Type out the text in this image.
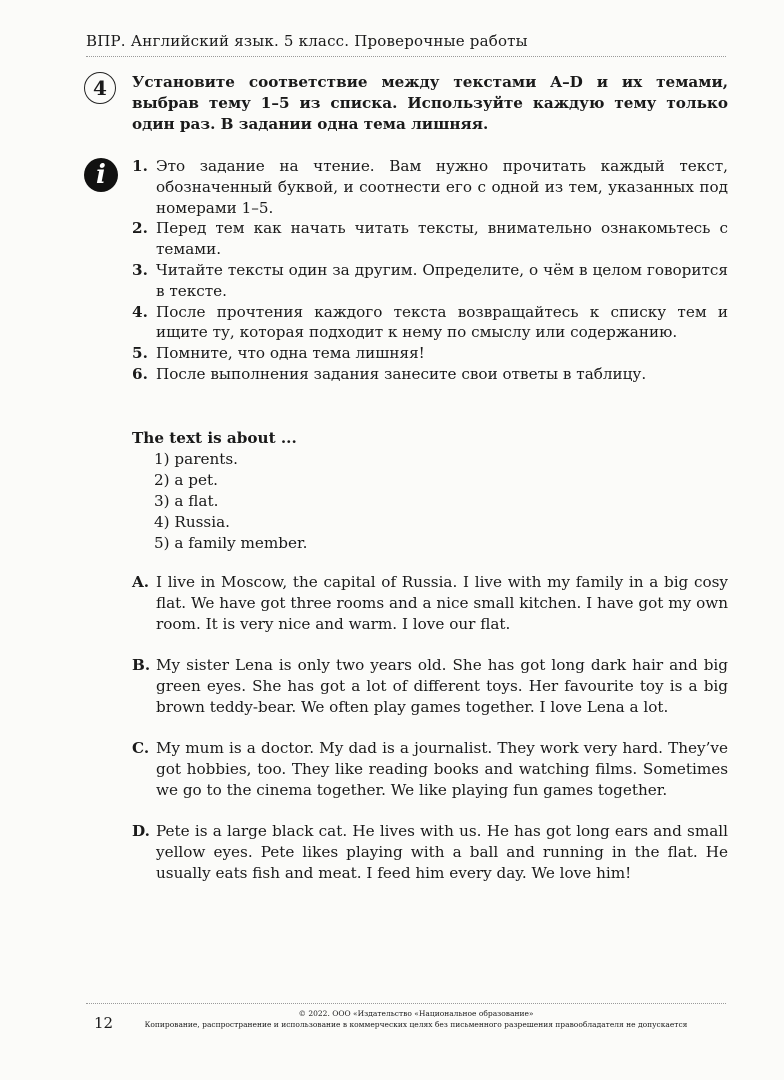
ВПР. Английский язык. 5 класс. Проверочные работы
4	Установите соответствие между текстами A–D и их темами, выбрав тему 1–5 из списка. Используйте каждую тему только один раз. В задании одна тема лишняя.
i	1. Это задание на чтение. Вам нужно прочитать каждый текст, обозначенный буквой, и соотнести его с одной из тем, указанных под номерами 1–5.
2. Перед тем как начать читать тексты, внимательно ознакомьтесь с темами.
3. Читайте тексты один за другим. Определите, о чём в целом говорится в тексте.
4. После прочтения каждого текста возвращайтесь к списку тем и ищите ту, которая подходит к нему по смыслу или содержанию.
5. Помните, что одна тема лишняя!
6. После выполнения задания занесите свои ответы в таблицу.
The text is about ...
1) parents.
2) a pet.
3) a flat.
4) Russia.
5) a family member.
A. I live in Moscow, the capital of Russia. I live with my family in a big cosy flat. We have got three rooms and a nice small kitchen. I have got my own room. It is very nice and warm. I love our flat.
B. My sister Lena is only two years old. She has got long dark hair and big green eyes. She has got a lot of different toys. Her favourite toy is a big brown teddy-bear. We often play games together. I love Lena a lot.
C. My mum is a doctor. My dad is a journalist. They work very hard. They’ve got hobbies, too. They like reading books and watching films. Sometimes we go to the cinema together. We like playing fun games together.
D. Pete is a large black cat. He lives with us. He has got long ears and small yellow eyes. Pete likes playing with a ball and running in the flat. He usually eats fish and meat. I feed him every day. We love him!
12
© 2022. ООО «Издательство «Национальное образование»
Копирование, распространение и использование в коммерческих целях без письменного разрешения правообладателя не допускается
